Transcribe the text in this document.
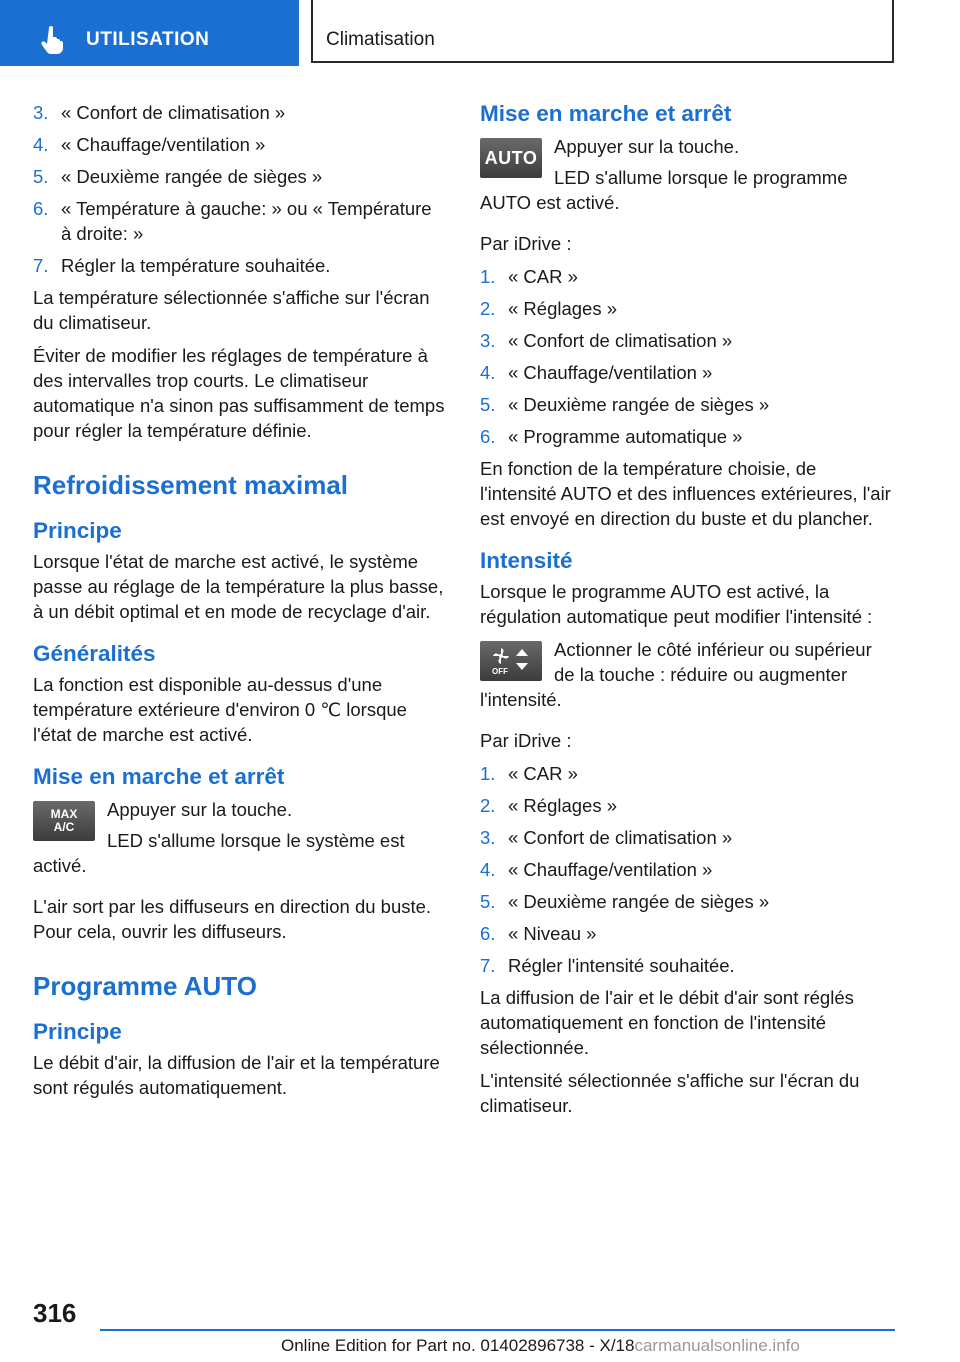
UTILISATION	Climatisation
3. « Confort de climatisation »
4. « Chauffage/ventilation »
5. « Deuxième rangée de sièges »
6. « Température à gauche: » ou « Température à droite: »
7. Régler la température souhaitée.

La température sélectionnée s'affiche sur l'écran du climatiseur.

Éviter de modifier les réglages de température à des intervalles trop courts. Le climatiseur automatique n'a sinon pas suffisamment de temps pour régler la température définie.

Refroidissement maximal
Principe

Lorsque l'état de marche est activé, le système passe au réglage de la température la plus basse, à un débit optimal et en mode de recyclage d'air.

Généralités

La fonction est disponible au-dessus d'une température extérieure d'environ 0 ℃ lorsque l'état de marche est activé.

Mise en marche et arrêt
MAX
A/C

Appuyer sur la touche.

LED s'allume lorsque le système est activé.

L'air sort par les diffuseurs en direction du buste. Pour cela, ouvrir les diffuseurs.

Programme AUTO
Principe

Le débit d'air, la diffusion de l'air et la température sont régulés automatiquement.

Mise en marche et arrêt
AUTO

Appuyer sur la touche.

LED s'allume lorsque le programme AUTO est activé.

Par iDrive :

1. « CAR »
2. « Réglages »
3. « Confort de climatisation »
4. « Chauffage/ventilation »
5. « Deuxième rangée de sièges »
6. « Programme automatique »

En fonction de la température choisie, de l'intensité AUTO et des influences extérieures, l'air est envoyé en direction du buste et du plancher.

Intensité

Lorsque le programme AUTO est activé, la régulation automatique peut modifier l'intensité :

OFF

Actionner le côté inférieur ou supérieur de la touche : réduire ou augmenter l'intensité.

Par iDrive :

1. « CAR »
2. « Réglages »
3. « Confort de climatisation »
4. « Chauffage/ventilation »
5. « Deuxième rangée de sièges »
6. « Niveau »
7. Régler l'intensité souhaitée.

La diffusion de l'air et le débit d'air sont réglés automatiquement en fonction de l'intensité sélectionnée.

L'intensité sélectionnée s'affiche sur l'écran du climatiseur.

316
Online Edition for Part no. 01402896738 - X/18carmanualsonline.info
